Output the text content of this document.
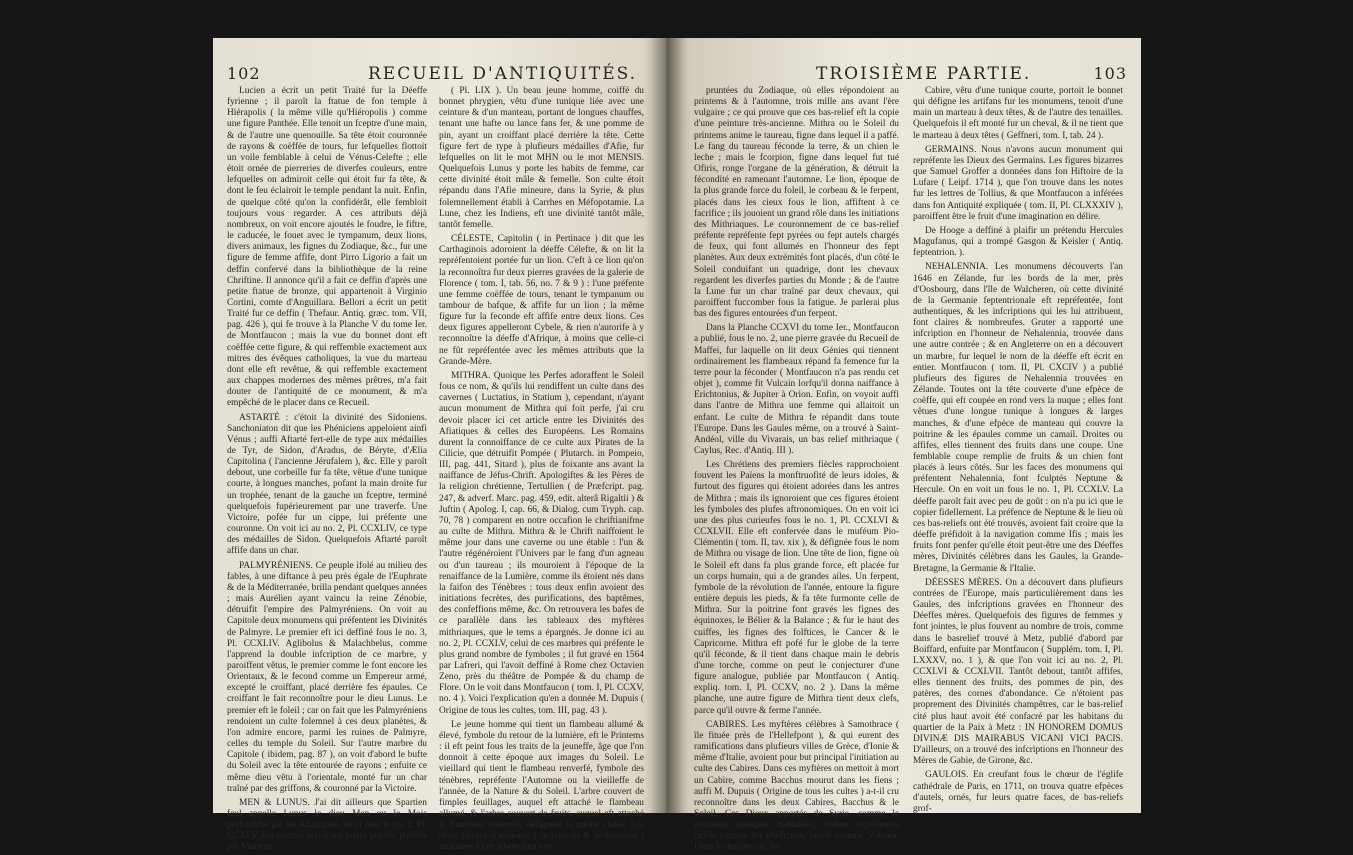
102	RECUEIL D'ANTIQUITÉS.

Lucien a écrit un petit Traité fur la Déeffe fyrienne ; il paroît la ftatue de fon temple à Hiérapolis ( la même ville qu'Hiéropolis ) comme une figure Panthée. Elle tenoit un fceptre d'une main, & de l'autre une quenouille. Sa tête étoit couronnée de rayons & coëffée de tours, fur lefquelles flottoit un voile femblable à celui de Vénus-Celefte ; elle étoit ornée de pierreries de diverfes couleurs, entre lefquelles on admiroit celle qui étoit fur fa tête, & dont le feu éclairoit le temple pendant la nuit. Enfin, de quelque côté qu'on la confidérât, elle fembloit toujours vous regarder. A ces attributs déjà nombreux, on voit encore ajoutés le foudre, le fiftre, le caducée, le fouet avec le tympanum, deux lions, divers animaux, les fignes du Zodiaque, &c., fur une figure de femme affife, dont Pirro Ligorio a fait un deffin confervé dans la bibliothèque de la reine Chriftine. Il annonce qu'il a fait ce deffin d'après une petite ftatue de bronze, qui appartenoit à Virginio Cortini, comte d'Anguillara. Bellori a écrit un petit Traité fur ce deffin ( Thefaur. Antiq. græc. tom. VII, pag. 426 ), qui fe trouve à la Planche V du tome Ier. de Montfaucon ; mais la vue du bonnet dont eft coëffée cette figure, & qui reffemble exactement aux mitres des évêques catholiques, la vue du marteau dont elle eft revêtue, & qui reffemble exactement aux chappes modernes des mêmes prêtres, m'a fait douter de l'antiquité de ce monument, & m'a empêché de le placer dans ce Recueil.

ASTARTÉ : c'étoit la divinité des Sidoniens. Sanchoniaton dit que les Phéniciens appeloient ainfi Vénus ; auffi Aftarté fert-elle de type aux médailles de Tyr, de Sidon, d'Aradus, de Béryte, d'Ælia Capitolina ( l'ancienne Jérufalem ), &c. Elle y paroît debout, une corbeille fur fa tête, vêtue d'une tunique courte, à longues manches, pofant la main droite fur un trophée, tenant de la gauche un fceptre, terminé quelquefois fupérieurement par une traverfe. Une Victoire, pofée fur un cippe, lui préfente une couronne. On voit ici au no. 2, Pl. CCXLIV, ce type des médailles de Sidon. Quelquefois Aftarté paroît affife dans un char.

PALMYRÉNIENS. Ce peuple ifolé au milieu des fables, à une diftance à peu près égale de l'Euphrate & de la Méditerranée, brilla pendant quelques années ; mais Aurélien ayant vaincu la reine Zénobie, détruifit l'empire des Palmyréniens. On voit au Capitole deux monumens qui préfentent les Divinités de Palmyre. Le premier eft ici deffiné fous le no. 3, Pl. CCXLIV. Aglibolus & Malachbelus, comme l'apprend la double infcription de ce marbre, y paroiffent vêtus, le premier comme le font encore les Orientaux, & le fecond comme un Empereur armé, excepté le croiffant, placé derrière fes épaules. Ce croiffant le fait reconnoître pour le dieu Lunus. Le premier eft le foleil ; car on fait que les Palmyréniens rendoient un culte folemnel à ces deux planètes, & l'on admire encore, parmi les ruines de Palmyre, celles du temple du Soleil. Sur l'autre marbre du Capitole ( ibidem, pag. 87 ), on voit d'abord le bufte du Soleil avec la tête entourée de rayons ; enfuite ce même dieu vêtu à l'orientale, monté fur un char traîné par des griffons, & couronné par la Victoire.

MEN & LUNUS. J'ai dit ailleurs que Spartien feul appelle Lunus le dieu Men ou le Mois perfonnifié par les Afiatiques. Voici fous le no. 1, Pl. CCXLV, fon portrait pris d'une pierre gravée, publiée par Mariette

( Pl. LIX ). Un beau jeune homme, coiffé du bonnet phrygien, vêtu d'une tunique liée avec une ceinture & d'un manteau, portant de longues chauffes, tenant une hafte ou lance fans fer, & une pomme de pin, ayant un croiffant placé derrière la tête. Cette figure fert de type à plufieurs médailles d'Afie, fur lefquelles on lit le mot MHN ou le mot MENSIS. Quelquefois Lunus y porte les habits de femme, car cette divinité étoit mâle & femelle. Son culte étoit répandu dans l'Afie mineure, dans la Syrie, & plus folemnellement établi à Carrhes en Méfopotamie. La Lune, chez les Indiens, eft une divinité tantôt mâle, tantôt femelle.

CÉLESTE, Capitolin ( in Pertinace ) dit que les Carthaginois adoroient la déeffe Célefte, & on lit la repréfentoient portée fur un lion. C'eft à ce lion qu'on la reconnoîtra fur deux pierres gravées de la galerie de Florence ( tom. I, tab. 56, no. 7 & 9 ) : l'une préfente une femme coëffée de tours, tenant le tympanum ou tambour de bafque, & affife fur un lion ; la même figure fur la feconde eft affife entre deux lions. Ces deux figures appelleront Cybele, & rien n'autorife à y reconnoître la déeffe d'Afrique, à moins que celle-ci ne fût repréfentée avec les mêmes attributs que la Grande-Mère.

MITHRA. Quoique les Perfes adoraffent le Soleil fous ce nom, & qu'ils lui rendiffent un culte dans des cavernes ( Luctatius, in Statium ), cependant, n'ayant aucun monument de Mithra qui foit perfe, j'ai cru devoir placer ici cet article entre les Divinités des Afiatiques & celles des Européens. Les Romains durent la connoiffance de ce culte aux Pirates de la Cilicie, que détruifit Pompée ( Plutarch. in Pompeio, III, pag. 441, Sitard ), plus de foixante ans avant la naiffance de Jéfus-Chrift. Apologiftes & les Pères de la religion chrétienne, Tertullien ( de Præfcript. pag. 247, & adverf. Marc. pag. 459, edit. alterâ Rigaltii ) & Juftin ( Apolog. I, cap. 66, & Dialog. cum Tryph. cap. 70, 78 ) comparent en notre occafion le chriftianifme au culte de Mithra. Mithra & le Chrift naiffoient le même jour dans une caverne ou une étable : l'un & l'autre régénéroient l'Univers par le fang d'un agneau ou d'un taureau ; ils mouroient à l'époque de la renaiffance de la Lumière, comme ils étoient nés dans la faifon des Ténèbres : tous deux enfin avoient des initiations fecrètes, des purifications, des baptêmes, des confeffions même, &c. On retrouvera les bafes de ce parallèle dans les tableaux des myftères mithriaques, que le tems a épargnés. Je donne ici au no. 2, Pl. CCXLV, celui de ces marbres qui préfente le plus grand nombre de fymboles ; il fut gravé en 1564 par Lafreri, qui l'avoit deffiné à Rome chez Octavien Zeno, près du théâtre de Pompée & du champ de Flore. On le voit dans Montfaucon ( tom. I, Pl. CCXV, no. 4 ). Voici l'explication qu'en a donnée M. Dupuis ( Origine de tous les cultes, tom. III, pag. 43 ).

Le jeune homme qui tient un flambeau allumé & élevé, fymbole du retour de la lumière, eft le Printems : il eft peint fous les traits de la jeuneffe, âge que l'on donnoit à cette époque aux images du Soleil. Le vieillard qui tient le flambeau renverfé, fymbole des ténèbres, repréfente l'Automne ou la vieilleffe de l'année, de la Nature & du Soleil. L'arbre couvert de fimples feuillages, auquel eft attaché le flambeau allumé, & l'arbre couvert de fruits, auquel eft attaché le flambeau renverfé, défignent la même chofe. Les deux figures d'animaux ( le taureau & le fcorpion ) attachées à ces arbres font em-

TROISIÈME PARTIE.	103

pruntées du Zodiaque, où elles répondoient au printems & à l'automne, trois mille ans avant l'ère vulgaire ; ce qui prouve que ces bas-relief eft la copie d'une peinture très-ancienne. Mithra ou le Soleil du printems anime le taureau, figne dans lequel il a paffé. Le fang du taureau féconde la terre, & un chien le leche ; mais le fcorpion, figne dans lequel fut tué Ofiris, ronge l'organe de la génération, & détruit la fécondité en ramenant l'automne. Le lion, époque de la plus grande force du foleil, le corbeau & le ferpent, placés dans les cieux fous le lion, affiftent à ce facrifice ; ils jouoient un grand rôle dans les initiations des Mithriaques. Le couronnement de ce bas-relief préfente repréfente fept pyrées ou fept autels chargés de feux, qui font allumés en l'honneur des fept planètes. Aux deux extrémités font placés, d'un côté le Soleil conduifant un quadrige, dont les chevaux regardent les diverfes parties du Monde ; & de l'autre la Lune fur un char traîné par deux chevaux, qui paroiffent fuccomber fous la fatigue. Je parlerai plus bas des figures entourées d'un ferpent.

Dans la Planche CCXVI du tome Ier., Montfaucon a publié, fous le no. 2, une pierre gravée du Recueil de Maffei, fur laquelle on lit deux Génies qui tiennent ordinairement les flambeaux répand fa femence fur la terre pour la féconder ( Montfaucon n'a pas rendu cet objet ), comme fit Vulcain lorfqu'il donna naiffance à Erichtonius, & Jupiter à Orion. Enfin, on voyoit auffi dans l'antre de Mithra une femme qui allaitoit un enfant. Le culte de Mithra fe répandit dans toute l'Europe. Dans les Gaules même, on a trouvé à Saint-Andéol, ville du Vivarais, un bas relief mithriaque ( Caylus, Rec. d'Antiq. III ).

Les Chrétiens des premiers fiècles rapprochoient fouvent les Païens la monftruofité de leurs idoles, & furtout des figures qui étoient adorées dans les antres de Mithra ; mais ils ignoroient que ces figures étoient les fymboles des plufes aftronomiques. On en voit ici une des plus curieufes fous le no. 1, Pl. CCXLVI & CCXLVII. Elle eft confervée dans le muféum Pio-Clémentin ( tom. II, tav. xix ), & défignée fous le nom de Mithra ou visage de lion. Une tête de lion, figne où le Soleil eft dans fa plus grande force, eft placée fur un corps humain, qui a de grandes ailes. Un ferpent, fymbole de la révolution de l'année, entoure la figure entière depuis les pieds, & fa tête furmonte celle de Mithra. Sur la poitrine font gravés les fignes des équinoxes, le Bélier & la Balance ; & fur le haut des cuiffes, les fignes des folftices, le Cancer & le Capricorne. Mithra eft pofé fur le globe de la terre qu'il féconde, & il tient dans chaque main le debris d'une torche, comme on peut le conjecturer d'une figure analogue, publiée par Montfaucon ( Antiq. expliq. tom. I, Pl. CCXV, no. 2 ). Dans la même planche, une autre figure de Mithra tient deux clefs, parce qu'il ouvre & ferme l'année.

CABIRES. Les myftères célèbres à Samothrace ( île fituée près de l'Hellefpont ), & qui eurent des ramifications dans plufieurs villes de Grèce, d'Ionie & même d'Italie, avoient pour but principal l'initiation au culte des Cabires. Dans ces myftères on mettoit à mort un Cabire, comme Bacchus mourut dans les fiens ; auffi M. Dupuis ( Origine de tous les cultes ) a-t-il cru reconnoître dans les deux Cabires, Bacchus & le Soleil. Ces Dieux apportés de Syrie, comme le prouvent quelques médailles, étoient repréfentés tantôt comme les Diofcures, tantôt comme Vulcain. Dans le dernier cas, un

Cabire, vêtu d'une tunique courte, portoit le bonnet qui défigne les artifans fur les monumens, tenoit d'une main un marteau à deux têtes, & de l'autre des tenailles. Quelquefois il eft monté fur un cheval, & il ne tient que le marteau à deux têtes ( Geffneri, tom. I, tab. 24 ).

GERMAINS. Nous n'avons aucun monument qui repréfente les Dieux des Germains. Les figures bizarres que Samuel Groffer a données dans fon Hiftoire de la Lufare ( Leipf. 1714 ), que l'on trouve dans les notes fur les lettres de Tollius, & que Montfaucon a inférées dans fon Antiquité expliquée ( tom. II, Pl. CLXXXIV ), paroiffent être le fruit d'une imagination en délire.

De Hooge a deffiné à plaifir un prétendu Hercules Magufanus, qui a trompé Gasgon & Keisler ( Antiq. feptentrion. ).

NEHALENNIA. Les monumens découverts l'an 1646 en Zélande, fur les bords de la mer, près d'Oosbourg, dans l'île de Walcheren, où cette divinité de la Germanie feptentrionale eft repréfentée, font authentiques, & les infcriptions qui les lui attribuent, font claires & nombreufes. Gruter a rapporté une infcription en l'honneur de Nehalennia, trouvée dans une autre contrée ; & en Angleterre on en a découvert un marbre, fur lequel le nom de la déeffe eft écrit en entier. Montfaucon ( tom. II, Pl. CXCIV ) a publié plufieurs des figures de Nehalennia trouvées en Zélande. Toutes ont la tête couverte d'une efpèce de coëffe, qui eft coupée en rond vers la nuque ; elles font vêtues d'une longue tunique à longues & larges manches, & d'une efpèce de manteau qui couvre la poitrine & les épaules comme un camail. Droites ou affifes, elles tiennent des fruits dans une coupe. Une femblable coupe remplie de fruits & un chien font placés à leurs côtés. Sur les faces des monumens qui préfentent Nehalennia, font fculptés Neptune & Hercule. On en voit un fous le no. 1, Pl. CCXLV. La déeffe paroît fait avec peu de goût : on n'a pu ici que le copier fidellement. La préfence de Neptune & le lieu où ces bas-reliefs ont été trouvés, avoient fait croire que la déeffe préfidoit à la navigation comme Ifis ; mais les fruits font penfer qu'elle étoit peut-être une des Déeffes mères, Divinités célèbres dans les Gaules, la Grande-Bretagne, la Germanie & l'Italie.

DÉESSES MÈRES. On a découvert dans plufieurs contrées de l'Europe, mais particulièrement dans les Gaules, des infcriptions gravées en l'honneur des Déeffes mères. Quelquefois des figures de femmes y font jointes, le plus fouvent au nombre de trois, comme dans le basrelief trouvé à Metz, publié d'abord par Boiffard, enfuite par Montfaucon ( Supplém. tom. I, Pl. LXXXV, no. 1 ), & que l'on voit ici au no. 2, Pl. CCXLVI & CCXLVII. Tantôt debout, tantôt affifes, elles tiennent des fruits, des pommes de pin, des patères, des cornes d'abondance. Ce n'étoient pas proprement des Divinités champêtres, car le bas-relief cité plus haut avoit été confacré par les habitans du quartier de la Paix à Metz : IN HONOREM DOMUS DIVINÆ DIS MAIRABUS VICANI VICI PACIS. D'ailleurs, on a trouvé des infcriptions en l'honneur des Mères de Gabie, de Girone, &c.

GAULOIS. En creufant fous le chœur de l'églife cathédrale de Paris, en 1711, on trouva quatre efpèces d'autels, ornés, fur leurs quatre faces, de bas-reliefs grof-
